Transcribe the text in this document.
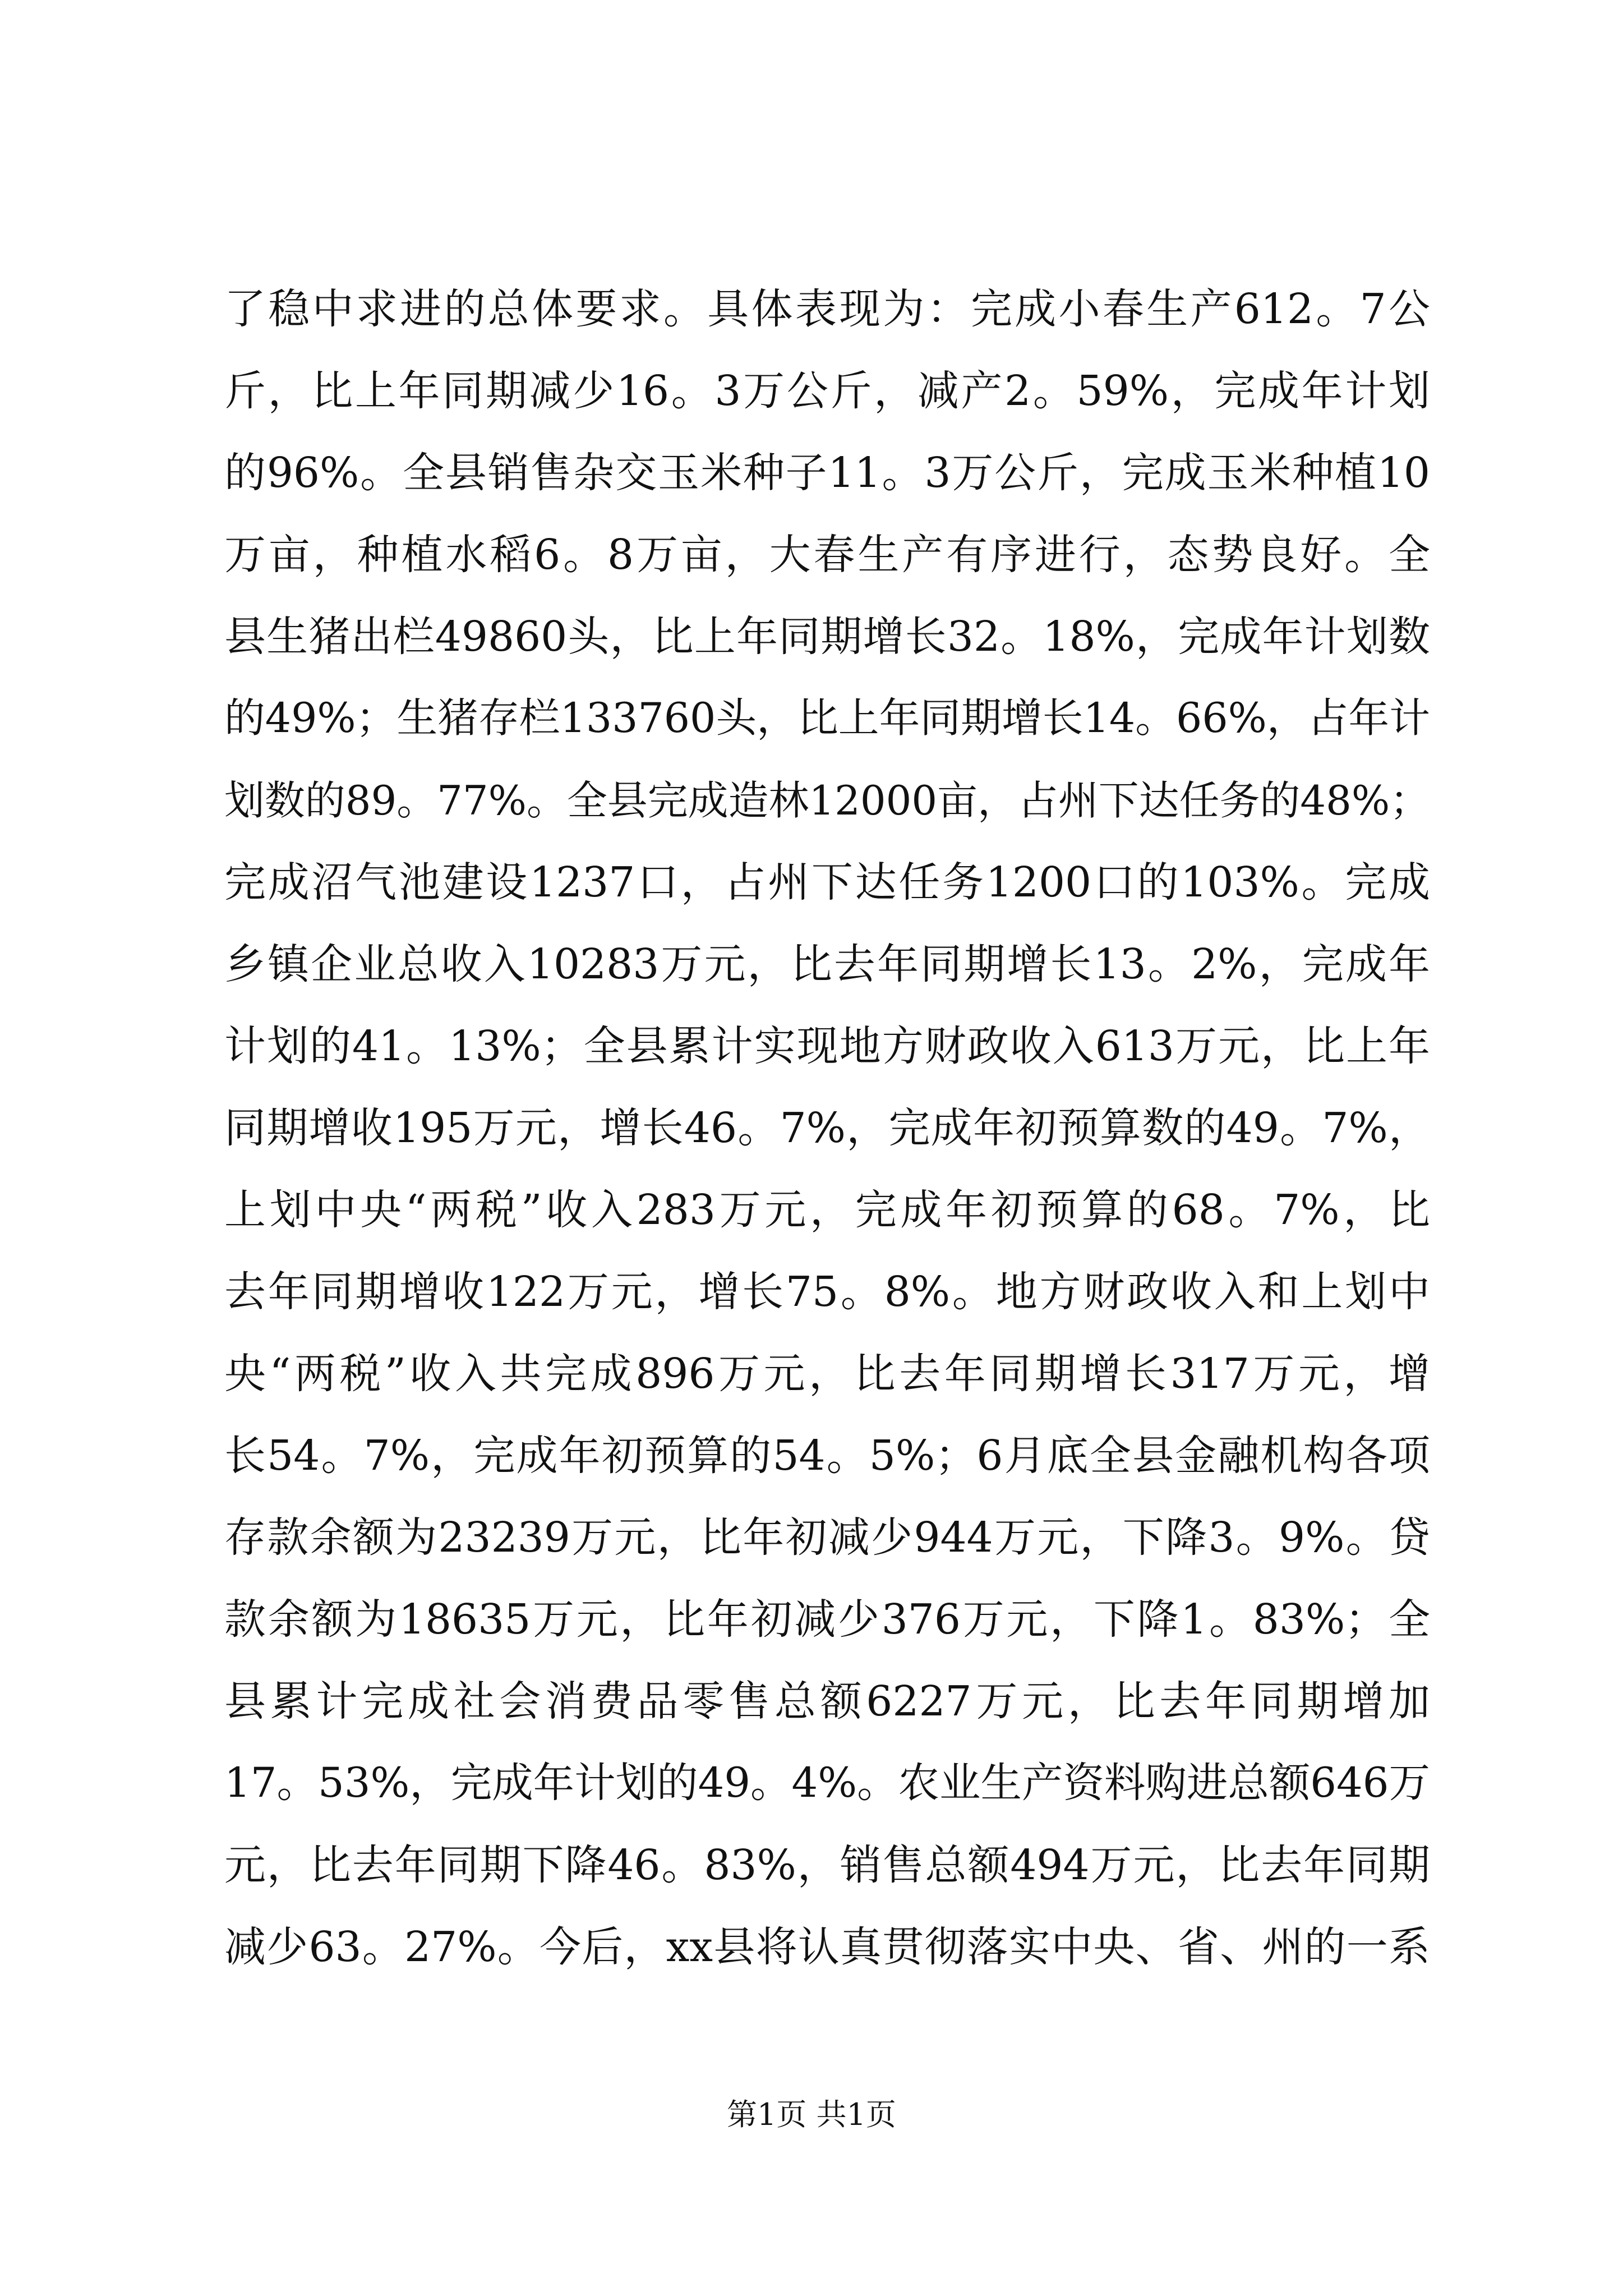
了稳中求进的总体要求。具体表现为：完成小春生产612。7公
斤，比上年同期减少16。3万公斤，减产2。59%，完成年计划
的96%。全县销售杂交玉米种子11。3万公斤，完成玉米种植10
万亩，种植水稻6。8万亩，大春生产有序进行，态势良好。全
县生猪出栏49860头，比上年同期增长32。18%，完成年计划数
的49%；生猪存栏133760头，比上年同期增长14。66%，占年计
划数的89。77%。全县完成造林12000亩，占州下达任务的48%；
完成沼气池建设1237口，占州下达任务1200口的103%。完成
乡镇企业总收入10283万元，比去年同期增长13。2%，完成年
计划的41。13%；全县累计实现地方财政收入613万元，比上年
同期增收195万元，增长46。7%，完成年初预算数的49。7%，
上划中央“两税”收入283万元，完成年初预算的68。7%，比
去年同期增收122万元，增长75。8%。地方财政收入和上划中
央“两税”收入共完成896万元，比去年同期增长317万元，增
长54。7%，完成年初预算的54。5%；6月底全县金融机构各项
存款余额为23239万元，比年初减少944万元，下降3。9%。贷
款余额为18635万元，比年初减少376万元，下降1。83%；全
县累计完成社会消费品零售总额6227万元，比去年同期增加
17。53%，完成年计划的49。4%。农业生产资料购进总额646万
元，比去年同期下降46。83%，销售总额494万元，比去年同期
减少63。27%。今后，xx县将认真贯彻落实中央、省、州的一系
第1页 共1页
